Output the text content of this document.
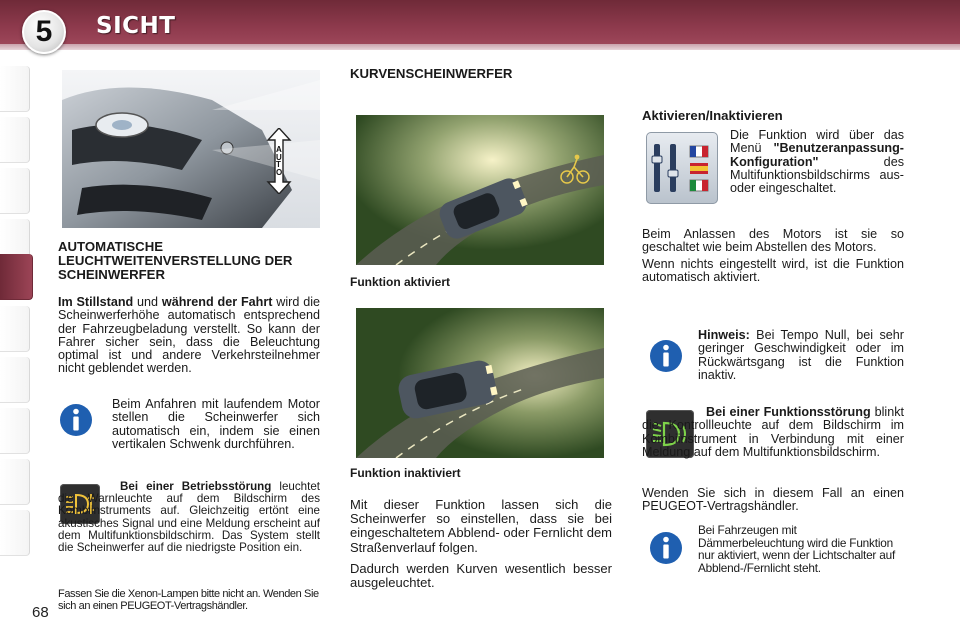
5	SICHT
AUTO
AUTOMATISCHE LEUCHTWEITENVERSTELLUNG DER SCHEINWERFER
Im Stillstand und während der Fahrt wird die Scheinwerferhöhe automatisch entsprechend der Fahrzeugbeladung verstellt. So kann der Fahrer sicher sein, dass die Beleuchtung optimal ist und andere Verkehrsteilnehmer nicht geblendet werden.
Beim Anfahren mit laufendem Motor stellen die Scheinwerfer sich automatisch ein, indem sie einen vertikalen Schwenk durchführen.
Bei einer Betriebsstörung leuchtet die Warnleuchte auf dem Bildschirm des Kombiinstruments auf. Gleichzeitig ertönt eine akustisches Signal und eine Meldung erscheint auf dem Multifunktionsbildschirm. Das System stellt die Scheinwerfer auf die niedrigste Position ein.
Fassen Sie die Xenon-Lampen bitte nicht an. Wenden Sie sich an einen PEUGEOT-Vertragshändler.
68
KURVENSCHEINWERFER
Funktion aktiviert
Funktion inaktiviert
Mit dieser Funktion lassen sich die Scheinwerfer so einstellen, dass sie bei eingeschaltetem Abblend- oder Fernlicht dem Straßenverlauf folgen.
Dadurch werden Kurven wesentlich besser ausgeleuchtet.
Aktivieren/Inaktivieren
Die Funktion wird über das Menü "Benutzeranpassung-Konfiguration" des Multifunktionsbildschirms aus- oder eingeschaltet.
Beim Anlassen des Motors ist sie so geschaltet wie beim Abstellen des Motors.
Wenn nichts eingestellt wird, ist die Funktion automatisch aktiviert.
Hinweis: Bei Tempo Null, bei sehr geringer Geschwindigkeit oder im Rückwärtsgang ist die Funktion inaktiv.
Bei einer Funktionsstörung blinkt die Kontrollleuchte auf dem Bildschirm im Kombiinstrument in Verbindung mit einer Meldung auf dem Multifunktionsbildschirm.
Wenden Sie sich in diesem Fall an einen PEUGEOT-Vertragshändler.
Bei Fahrzeugen mit Dämmerbeleuchtung wird die Funktion nur aktiviert, wenn der Lichtschalter auf Abblend-/Fernlicht steht.
